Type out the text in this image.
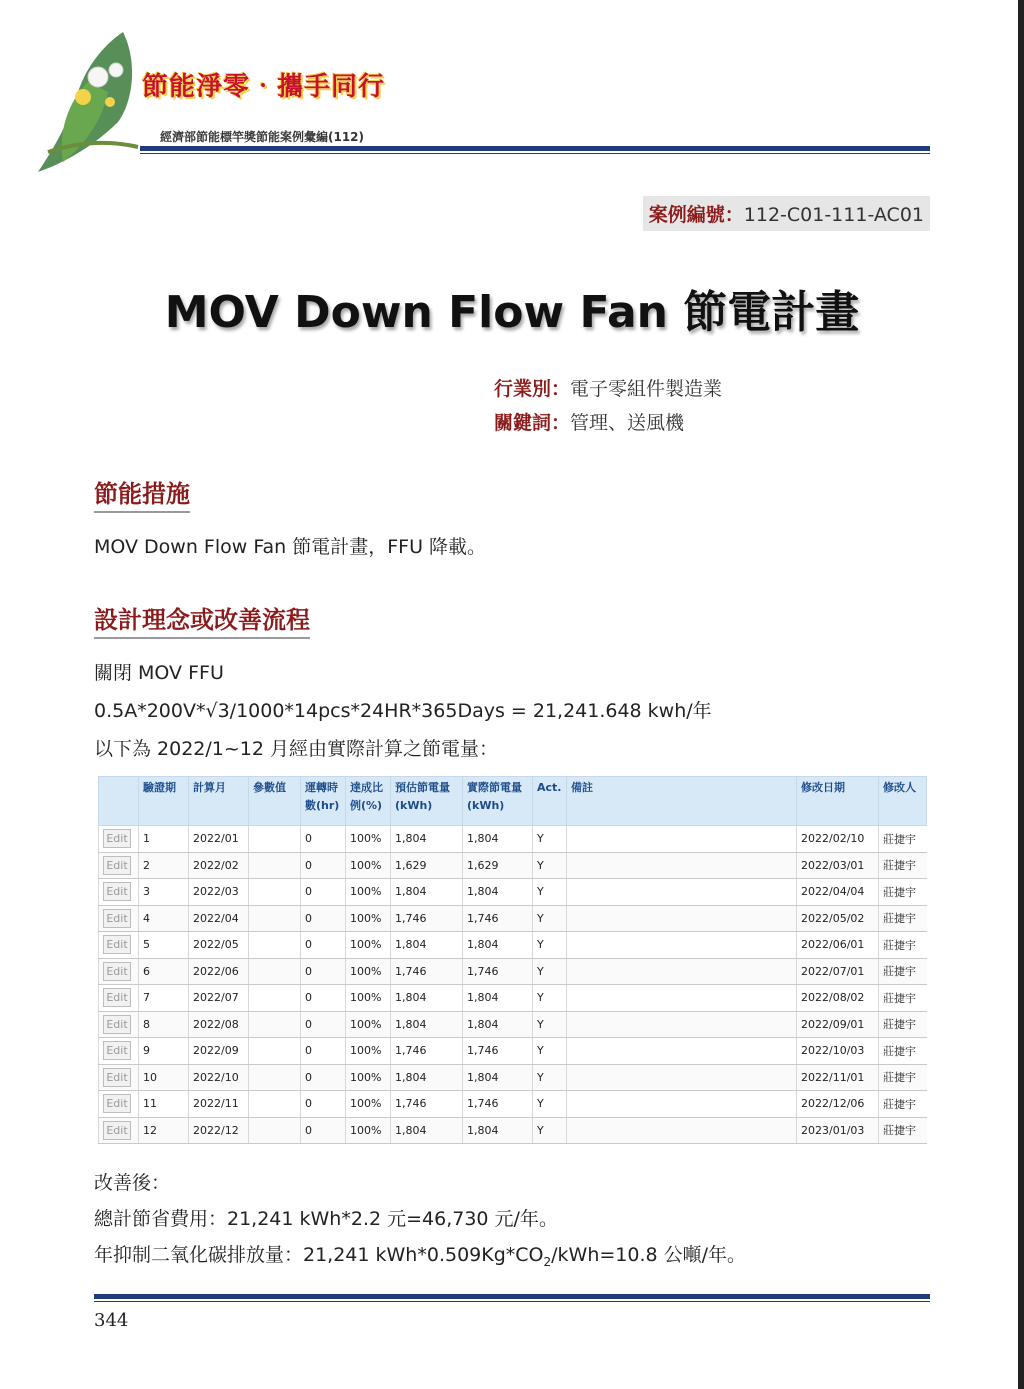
節能淨零‧攜手同行
經濟部節能標竿獎節能案例彙編(112)
案例編號：112-C01-111-AC01
MOV Down Flow Fan 節電計畫
行業別：電子零組件製造業
關鍵詞：管理、送風機
節能措施
MOV Down Flow Fan 節電計畫，FFU 降載。
設計理念或改善流程
關閉 MOV FFU
0.5A*200V*√3/1000*14pcs*24HR*365Days = 21,241.648 kwh/年
以下為 2022/1~12 月經由實際計算之節電量：
	驗證期	計算月	參數值	運轉時數(hr)	達成比例(%)	預估節電量(kWh)	實際節電量(kWh)	Act.	備註	修改日期	修改人
Edit	1	2022/01		0	100%	1,804	1,804	Y		2022/02/10	莊捷宇
Edit	2	2022/02		0	100%	1,629	1,629	Y		2022/03/01	莊捷宇
Edit	3	2022/03		0	100%	1,804	1,804	Y		2022/04/04	莊捷宇
Edit	4	2022/04		0	100%	1,746	1,746	Y		2022/05/02	莊捷宇
Edit	5	2022/05		0	100%	1,804	1,804	Y		2022/06/01	莊捷宇
Edit	6	2022/06		0	100%	1,746	1,746	Y		2022/07/01	莊捷宇
Edit	7	2022/07		0	100%	1,804	1,804	Y		2022/08/02	莊捷宇
Edit	8	2022/08		0	100%	1,804	1,804	Y		2022/09/01	莊捷宇
Edit	9	2022/09		0	100%	1,746	1,746	Y		2022/10/03	莊捷宇
Edit	10	2022/10		0	100%	1,804	1,804	Y		2022/11/01	莊捷宇
Edit	11	2022/11		0	100%	1,746	1,746	Y		2022/12/06	莊捷宇
Edit	12	2022/12		0	100%	1,804	1,804	Y		2023/01/03	莊捷宇
改善後：
總計節省費用：21,241 kWh*2.2 元=46,730 元/年。
年抑制二氧化碳排放量：21,241 $kWh*0.509Kg*CO_2/kWh=10.8$ 公噸/年。
344
